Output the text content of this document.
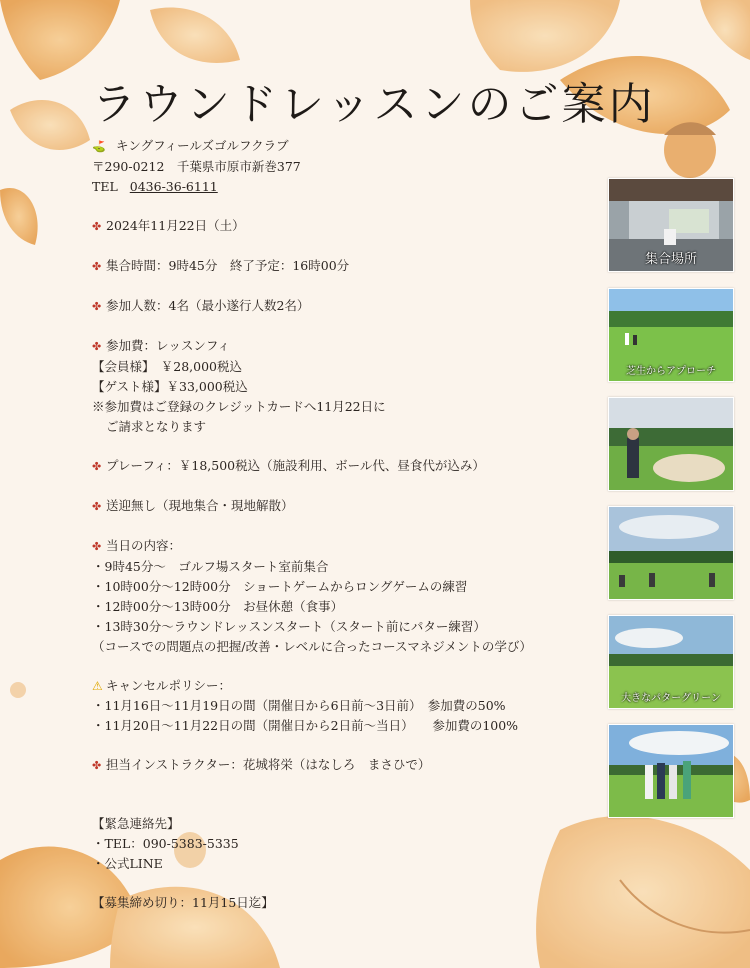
ラウンドレッスンのご案内
⛳ キングフィールズゴルフクラブ
〒290-0212　千葉県市原市新巻377
TEL 0436-36-6111
✤ 2024年11月22日（土）
✤ 集合時間：9時45分　終了予定：16時00分
✤ 参加人数：4名（最小遂行人数2名）
✤ 参加費：レッスンフィ
【会員様】　￥28,000税込
【ゲスト様】￥33,000税込
※参加費はご登録のクレジットカードへ11月22日に
ご請求となります
✤ プレーフィ：￥18,500税込（施設利用、ボール代、昼食代が込み）
✤ 送迎無し（現地集合・現地解散）
✤ 当日の内容：
・9時45分～　ゴルフ場スタート室前集合
・10時00分～12時00分　ショートゲームからロングゲームの練習
・12時00分～13時00分　お昼休憩（食事）
・13時30分～ラウンドレッスンスタート（スタート前にパター練習）
（コースでの問題点の把握/改善・レベルに合ったコースマネジメントの学び）
⚠ キャンセルポリシー：
・11月16日～11月19日の間（開催日から6日前～3日前）　参加費の50%
・11月20日～11月22日の間（開催日から2日前～当日）　　参加費の100%
✤ 担当インストラクター：花城将栄（はなしろ　まさひで）
【緊急連絡先】
・TEL：090-5383-5335
・公式LINE
【募集締め切り：11月15日迄】
集合場所
芝生からアプローチ
大きなパターグリーン
